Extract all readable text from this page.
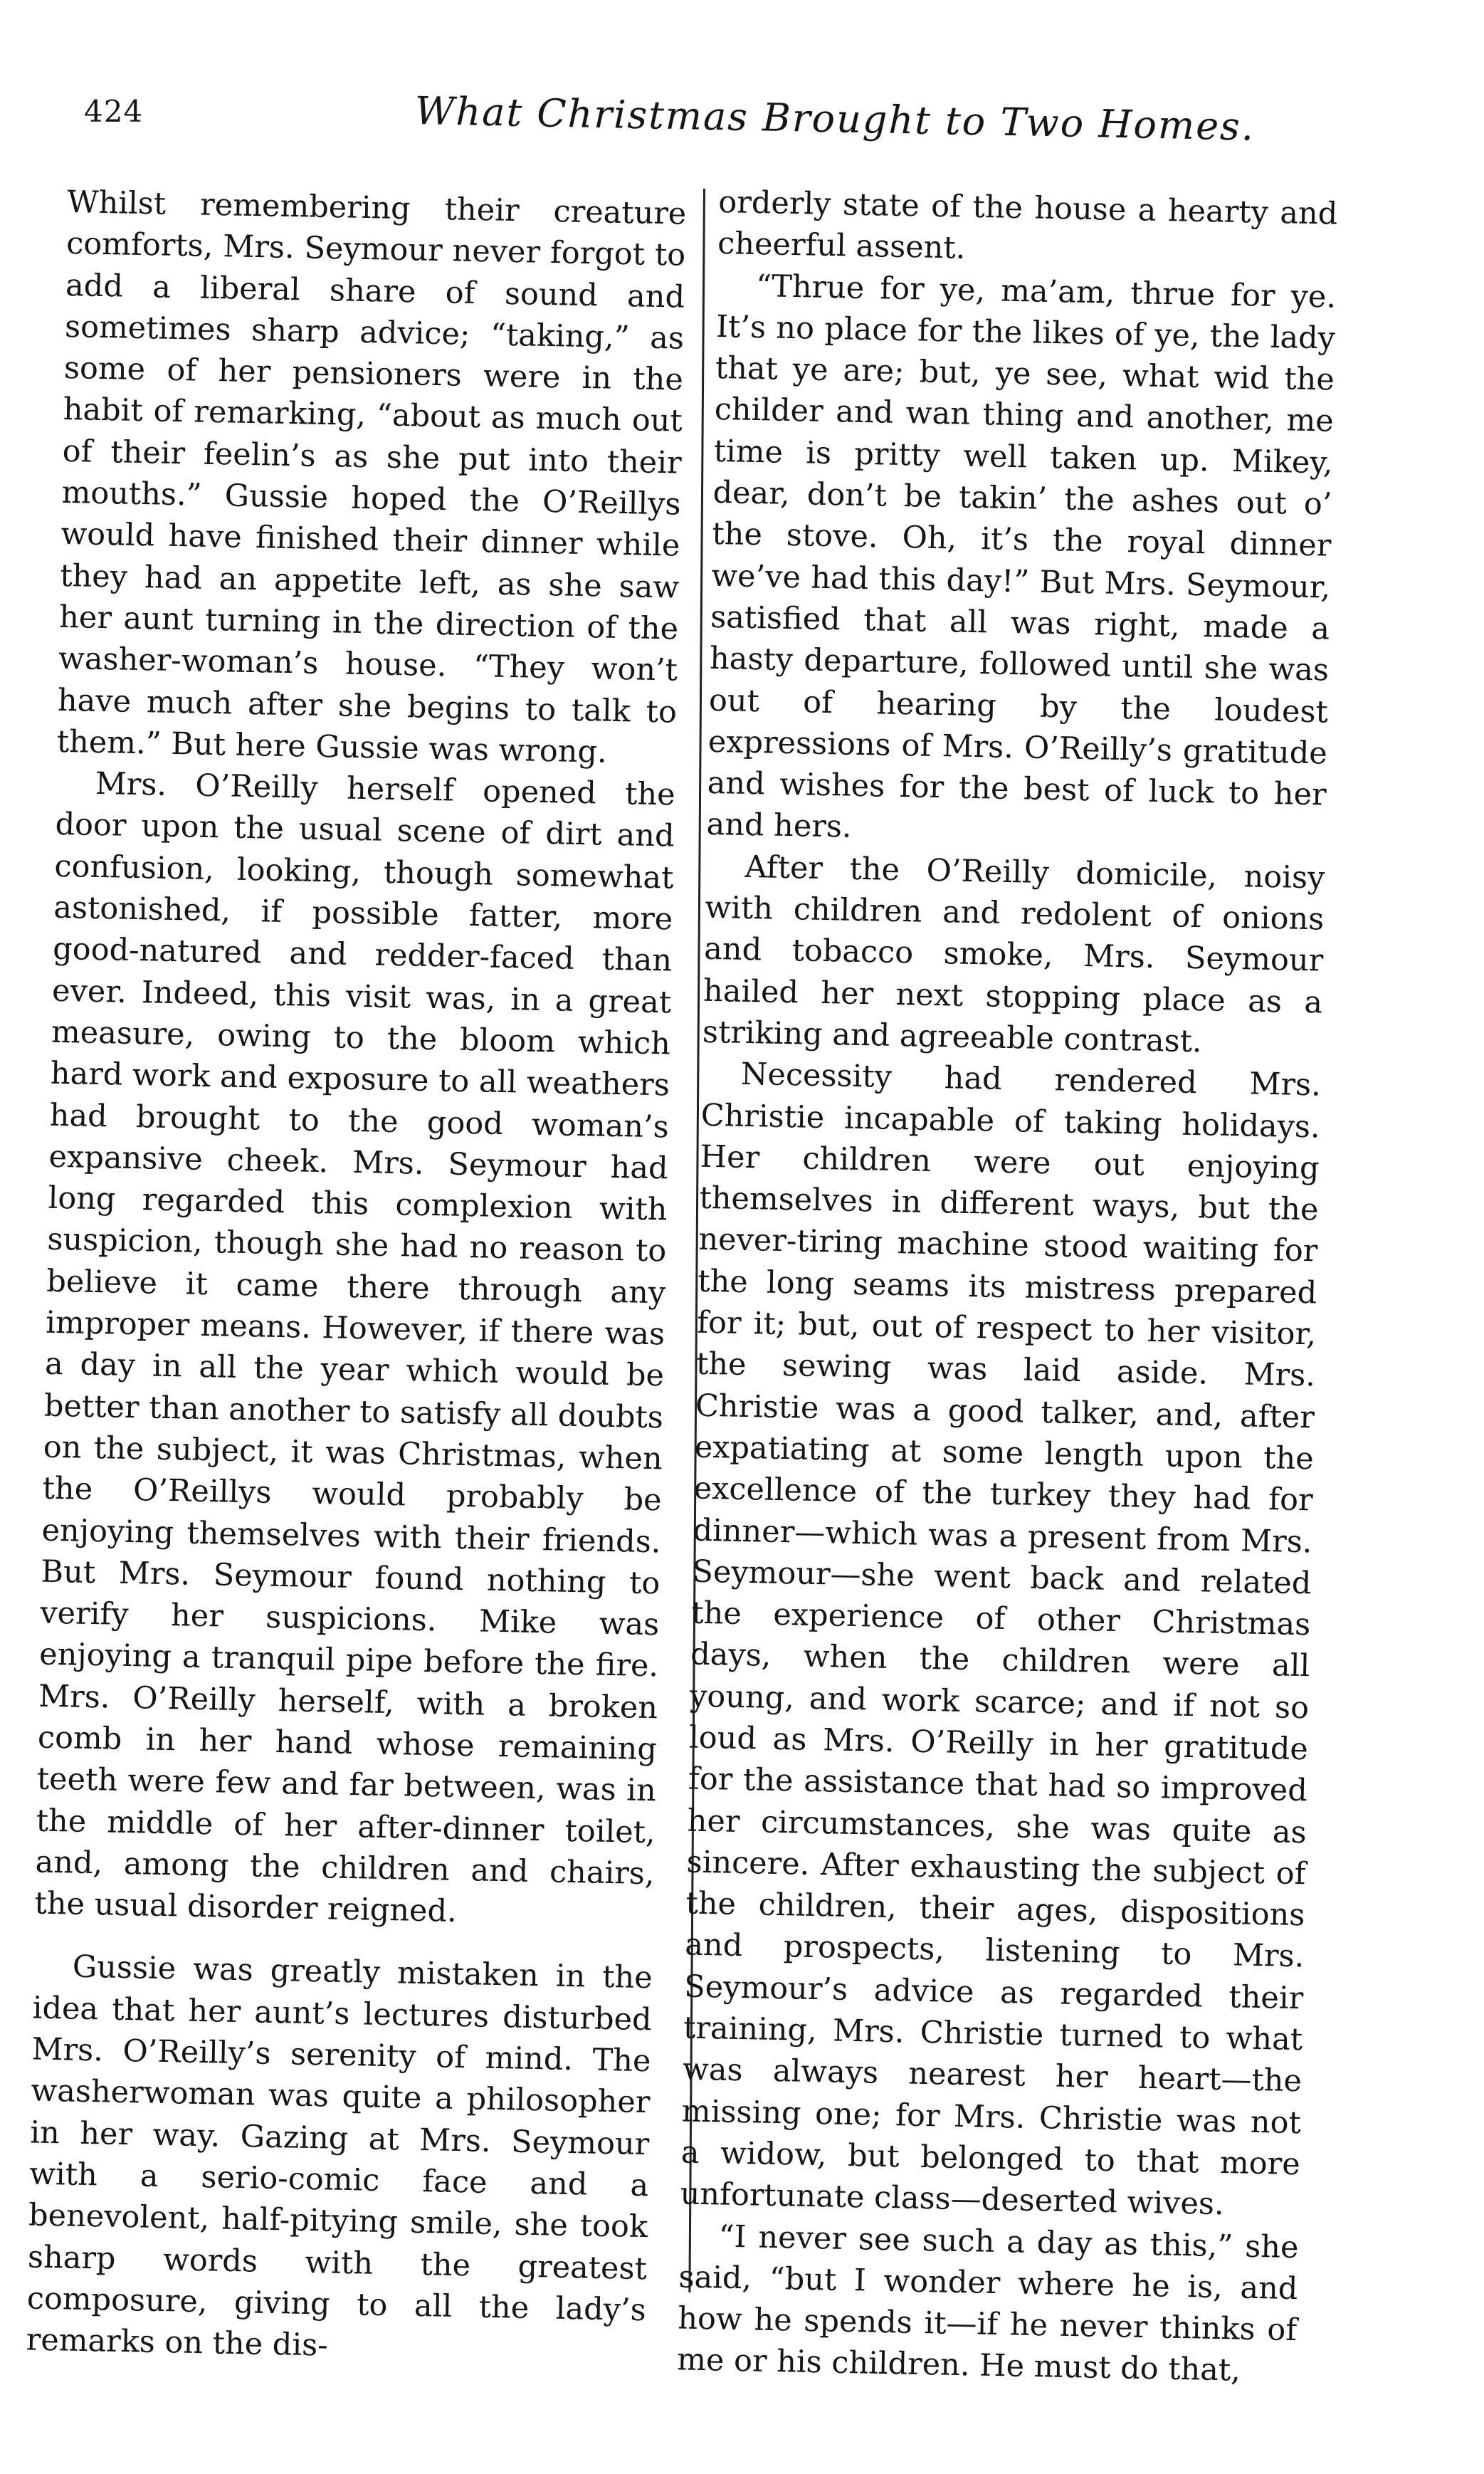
424	What Christmas Brought to Two Homes.

Whilst remembering their creature comforts, Mrs. Seymour never forgot to add a liberal share of sound and sometimes sharp advice; “taking,” as some of her pensioners were in the habit of remarking, “about as much out of their feelin’s as she put into their mouths.” Gussie hoped the O’Reillys would have finished their dinner while they had an appetite left, as she saw her aunt turning in the direction of the washer-woman’s house. “They won’t have much after she begins to talk to them.” But here Gussie was wrong.

Mrs. O’Reilly herself opened the door upon the usual scene of dirt and confusion, looking, though somewhat astonished, if possible fatter, more good-natured and redder-faced than ever. Indeed, this visit was, in a great measure, owing to the bloom which hard work and exposure to all weathers had brought to the good woman’s expansive cheek. Mrs. Seymour had long regarded this complexion with suspicion, though she had no reason to believe it came there through any improper means. However, if there was a day in all the year which would be better than another to satisfy all doubts on the subject, it was Christmas, when the O’Reillys would probably be enjoying themselves with their friends. But Mrs. Seymour found nothing to verify her suspicions. Mike was enjoying a tranquil pipe before the fire. Mrs. O’Reilly herself, with a broken comb in her hand whose remaining teeth were few and far between, was in the middle of her after-dinner toilet, and, among the children and chairs, the usual disorder reigned.

Gussie was greatly mistaken in the idea that her aunt’s lectures disturbed Mrs. O’Reilly’s serenity of mind. The washerwoman was quite a philosopher in her way. Gazing at Mrs. Seymour with a serio-comic face and a benevolent, half-pitying smile, she took sharp words with the greatest composure, giving to all the lady’s remarks on the dis-

orderly state of the house a hearty and cheerful assent.

“Thrue for ye, ma’am, thrue for ye. It’s no place for the likes of ye, the lady that ye are; but, ye see, what wid the childer and wan thing and another, me time is pritty well taken up. Mikey, dear, don’t be takin’ the ashes out o’ the stove. Oh, it’s the royal dinner we’ve had this day!” But Mrs. Seymour, satisfied that all was right, made a hasty departure, followed until she was out of hearing by the loudest expressions of Mrs. O’Reilly’s gratitude and wishes for the best of luck to her and hers.

After the O’Reilly domicile, noisy with children and redolent of onions and tobacco smoke, Mrs. Seymour hailed her next stopping place as a striking and agreeable contrast.

Necessity had rendered Mrs. Christie incapable of taking holidays. Her children were out enjoying themselves in different ways, but the never-tiring machine stood waiting for the long seams its mistress prepared for it; but, out of respect to her visitor, the sewing was laid aside. Mrs. Christie was a good talker, and, after expatiating at some length upon the excellence of the turkey they had for dinner—which was a present from Mrs. Seymour—she went back and related the experience of other Christmas days, when the children were all young, and work scarce; and if not so loud as Mrs. O’Reilly in her gratitude for the assistance that had so improved her circumstances, she was quite as sincere. After exhausting the subject of the children, their ages, dispositions and prospects, listening to Mrs. Seymour’s advice as regarded their training, Mrs. Christie turned to what was always nearest her heart—the missing one; for Mrs. Christie was not a widow, but belonged to that more unfortunate class—deserted wives.

“I never see such a day as this,” she said, “but I wonder where he is, and how he spends it—if he never thinks of me or his children. He must do that,
